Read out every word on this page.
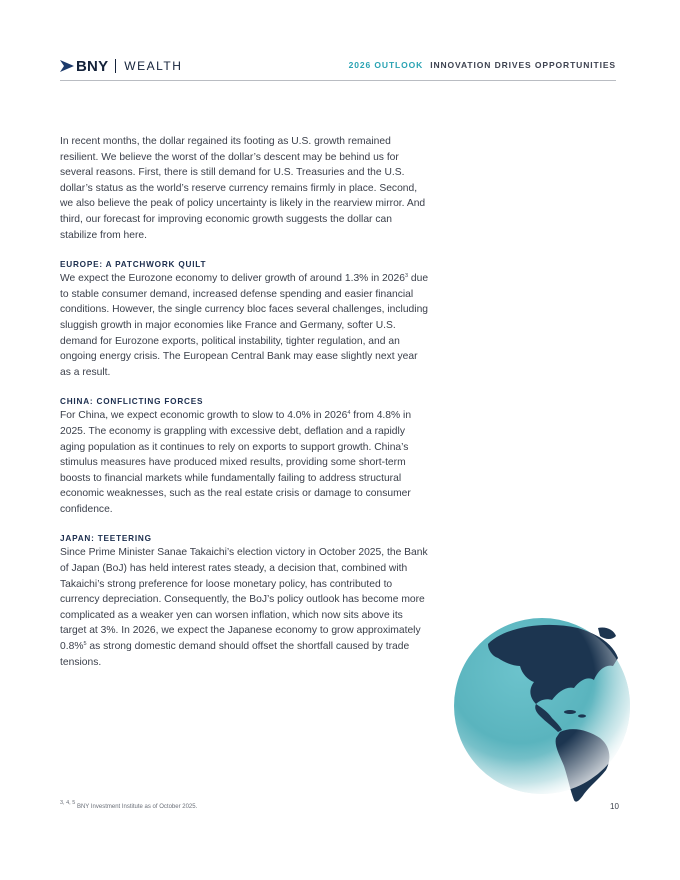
BNY WEALTH	2026 OUTLOOK INNOVATION DRIVES OPPORTUNITIES

In recent months, the dollar regained its footing as U.S. growth remained resilient. We believe the worst of the dollar’s descent may be behind us for several reasons. First, there is still demand for U.S. Treasuries and the U.S. dollar’s status as the world’s reserve currency remains firmly in place. Second, we also believe the peak of policy uncertainty is likely in the rearview mirror. And third, our forecast for improving economic growth suggests the dollar can stabilize from here.

EUROPE: A PATCHWORK QUILT

We expect the Eurozone economy to deliver growth of around 1.3% in 2026$^3$ due to stable consumer demand, increased defense spending and easier financial conditions. However, the single currency bloc faces several challenges, including sluggish growth in major economies like France and Germany, softer U.S. demand for Eurozone exports, political instability, tighter regulation, and an ongoing energy crisis. The European Central Bank may ease slightly next year as a result.

CHINA: CONFLICTING FORCES

For China, we expect economic growth to slow to 4.0% in 2026$^4$ from 4.8% in 2025. The economy is grappling with excessive debt, deflation and a rapidly aging population as it continues to rely on exports to support growth. China’s stimulus measures have produced mixed results, providing some short-term boosts to financial markets while fundamentally failing to address structural economic weaknesses, such as the real estate crisis or damage to consumer confidence.

JAPAN: TEETERING

Since Prime Minister Sanae Takaichi’s election victory in October 2025, the Bank of Japan (BoJ) has held interest rates steady, a decision that, combined with Takaichi’s strong preference for loose monetary policy, has contributed to currency depreciation. Consequently, the BoJ’s policy outlook has become more complicated as a weaker yen can worsen inflation, which now sits above its target at 3%. In 2026, we expect the Japanese economy to grow approximately 0.8%$^5$ as strong domestic demand should offset the shortfall caused by trade tensions.

$^{3, 4, 5}$ BNY Investment Institute as of October 2025.	10
